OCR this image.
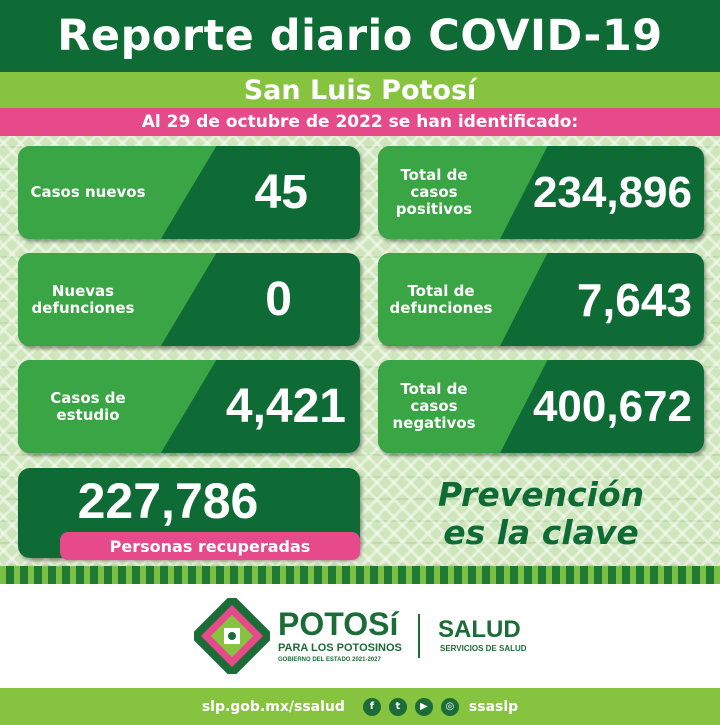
Reporte diario COVID-19
San Luis Potosí
Al 29 de octubre de 2022 se han identificado:
Casos nuevos 45
Nuevas defunciones	0
Casos de estudio	4,421
Total de casos positivos 234,896
Total de defunciones 7,643
Total de casos negativos 400,672
227,786
Personas recuperadas
Prevención
es la clave
POTOSí
PARA LOS POTOSINOS
GOBIERNO DEL ESTADO 2021-2027
SALUD
SERVICIOS DE SALUD
slp.gob.mx/ssalud	f	t	▶	◎	ssaslp
